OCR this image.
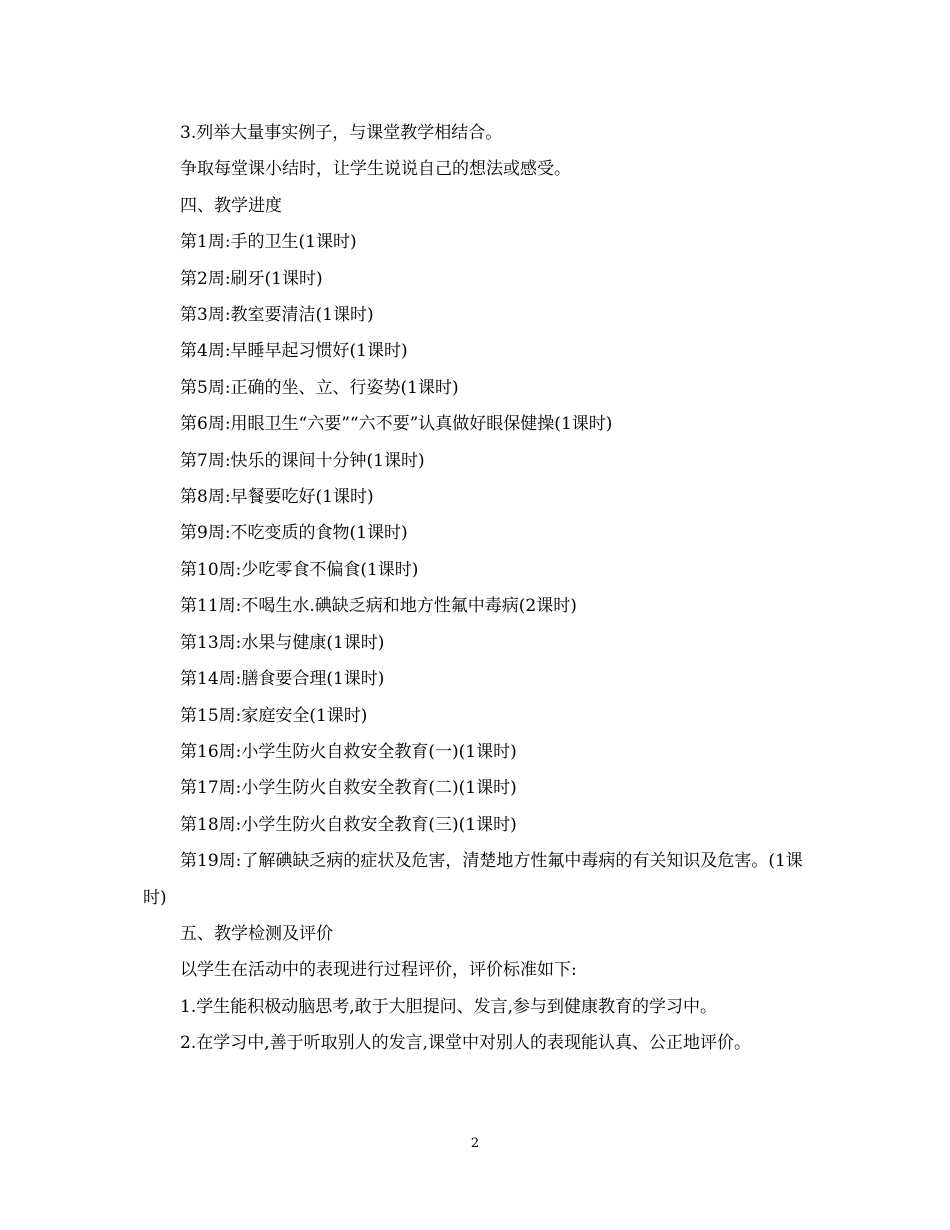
3.列举大量事实例子，与课堂教学相结合。

争取每堂课小结时，让学生说说自己的想法或感受。

四、教学进度

第1周:手的卫生(1课时)

第2周:刷牙(1课时)

第3周:教室要清洁(1课时)

第4周:早睡早起习惯好(1课时)

第5周:正确的坐、立、行姿势(1课时)

第6周:用眼卫生“六要”“六不要”认真做好眼保健操(1课时)

第7周:快乐的课间十分钟(1课时)

第8周:早餐要吃好(1课时)

第9周:不吃变质的食物(1课时)

第10周:少吃零食不偏食(1课时)

第11周:不喝生水.碘缺乏病和地方性氟中毒病(2课时)

第13周:水果与健康(1课时)

第14周:膳食要合理(1课时)

第15周:家庭安全(1课时)

第16周:小学生防火自救安全教育(一)(1课时)

第17周:小学生防火自救安全教育(二)(1课时)

第18周:小学生防火自救安全教育(三)(1课时)

第19周:了解碘缺乏病的症状及危害，清楚地方性氟中毒病的有关知识及危害。(1课时)

五、教学检测及评价

以学生在活动中的表现进行过程评价，评价标准如下:

1.学生能积极动脑思考,敢于大胆提问、发言,参与到健康教育的学习中。

2.在学习中,善于听取别人的发言,课堂中对别人的表现能认真、公正地评价。

2
